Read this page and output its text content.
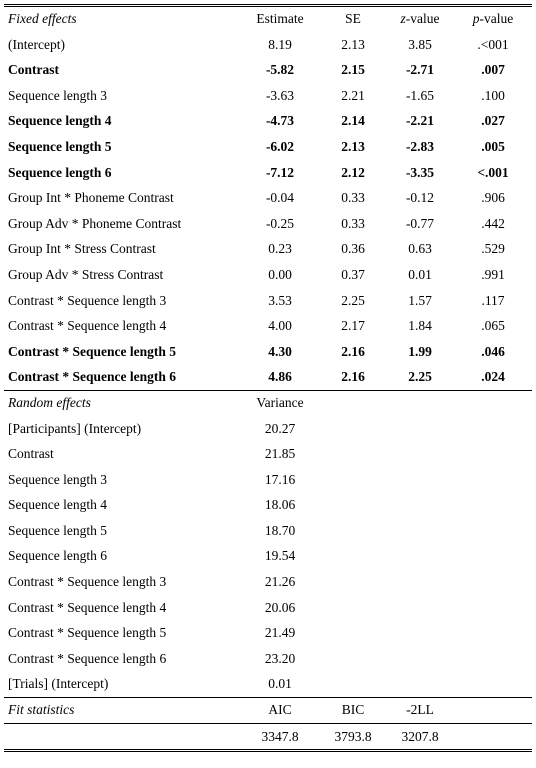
Fixed effects	Estimate	SE	z-value	p-value
(Intercept)	8.19	2.13	3.85	.<001
Contrast	-5.82	2.15	-2.71	.007
Sequence length 3	-3.63	2.21	-1.65	.100
Sequence length 4	-4.73	2.14	-2.21	.027
Sequence length 5	-6.02	2.13	-2.83	.005
Sequence length 6	-7.12	2.12	-3.35	<.001
Group Int * Phoneme Contrast	-0.04	0.33	-0.12	.906
Group Adv * Phoneme Contrast	-0.25	0.33	-0.77	.442
Group Int * Stress Contrast	0.23	0.36	0.63	.529
Group Adv * Stress Contrast	0.00	0.37	0.01	.991
Contrast * Sequence length 3	3.53	2.25	1.57	.117
Contrast * Sequence length 4	4.00	2.17	1.84	.065
Contrast * Sequence length 5	4.30	2.16	1.99	.046
Contrast * Sequence length 6	4.86	2.16	2.25	.024
Random effects	Variance			
[Participants] (Intercept)	20.27			
Contrast	21.85			
Sequence length 3	17.16			
Sequence length 4	18.06			
Sequence length 5	18.70			
Sequence length 6	19.54			
Contrast * Sequence length 3	21.26			
Contrast * Sequence length 4	20.06			
Contrast * Sequence length 5	21.49			
Contrast * Sequence length 6	23.20			
[Trials] (Intercept)	0.01			
Fit statistics	AIC	BIC	-2LL	
	3347.8	3793.8	3207.8	
